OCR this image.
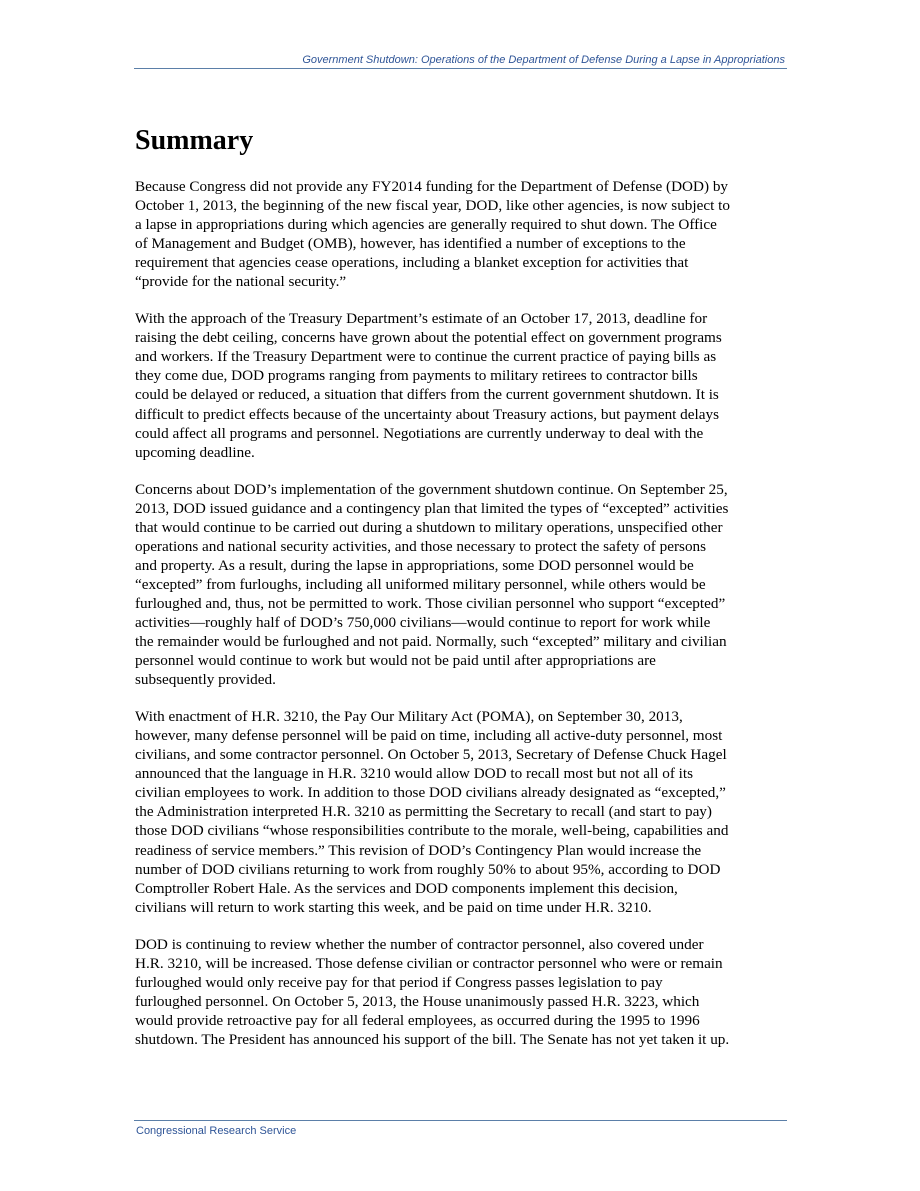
Government Shutdown: Operations of the Department of Defense During a Lapse in Appropriations
Summary
Because Congress did not provide any FY2014 funding for the Department of Defense (DOD) by
October 1, 2013, the beginning of the new fiscal year, DOD, like other agencies, is now subject to
a lapse in appropriations during which agencies are generally required to shut down. The Office
of Management and Budget (OMB), however, has identified a number of exceptions to the
requirement that agencies cease operations, including a blanket exception for activities that
“provide for the national security.”
With the approach of the Treasury Department’s estimate of an October 17, 2013, deadline for
raising the debt ceiling, concerns have grown about the potential effect on government programs
and workers. If the Treasury Department were to continue the current practice of paying bills as
they come due, DOD programs ranging from payments to military retirees to contractor bills
could be delayed or reduced, a situation that differs from the current government shutdown. It is
difficult to predict effects because of the uncertainty about Treasury actions, but payment delays
could affect all programs and personnel. Negotiations are currently underway to deal with the
upcoming deadline.
Concerns about DOD’s implementation of the government shutdown continue. On September 25,
2013, DOD issued guidance and a contingency plan that limited the types of “excepted” activities
that would continue to be carried out during a shutdown to military operations, unspecified other
operations and national security activities, and those necessary to protect the safety of persons
and property. As a result, during the lapse in appropriations, some DOD personnel would be
“excepted” from furloughs, including all uniformed military personnel, while others would be
furloughed and, thus, not be permitted to work. Those civilian personnel who support “excepted”
activities—roughly half of DOD’s 750,000 civilians—would continue to report for work while
the remainder would be furloughed and not paid. Normally, such “excepted” military and civilian
personnel would continue to work but would not be paid until after appropriations are
subsequently provided.
With enactment of H.R. 3210, the Pay Our Military Act (POMA), on September 30, 2013,
however, many defense personnel will be paid on time, including all active-duty personnel, most
civilians, and some contractor personnel. On October 5, 2013, Secretary of Defense Chuck Hagel
announced that the language in H.R. 3210 would allow DOD to recall most but not all of its
civilian employees to work. In addition to those DOD civilians already designated as “excepted,”
the Administration interpreted H.R. 3210 as permitting the Secretary to recall (and start to pay)
those DOD civilians “whose responsibilities contribute to the morale, well-being, capabilities and
readiness of service members.” This revision of DOD’s Contingency Plan would increase the
number of DOD civilians returning to work from roughly 50% to about 95%, according to DOD
Comptroller Robert Hale. As the services and DOD components implement this decision,
civilians will return to work starting this week, and be paid on time under H.R. 3210.
DOD is continuing to review whether the number of contractor personnel, also covered under
H.R. 3210, will be increased. Those defense civilian or contractor personnel who were or remain
furloughed would only receive pay for that period if Congress passes legislation to pay
furloughed personnel. On October 5, 2013, the House unanimously passed H.R. 3223, which
would provide retroactive pay for all federal employees, as occurred during the 1995 to 1996
shutdown. The President has announced his support of the bill. The Senate has not yet taken it up.
Congressional Research Service
